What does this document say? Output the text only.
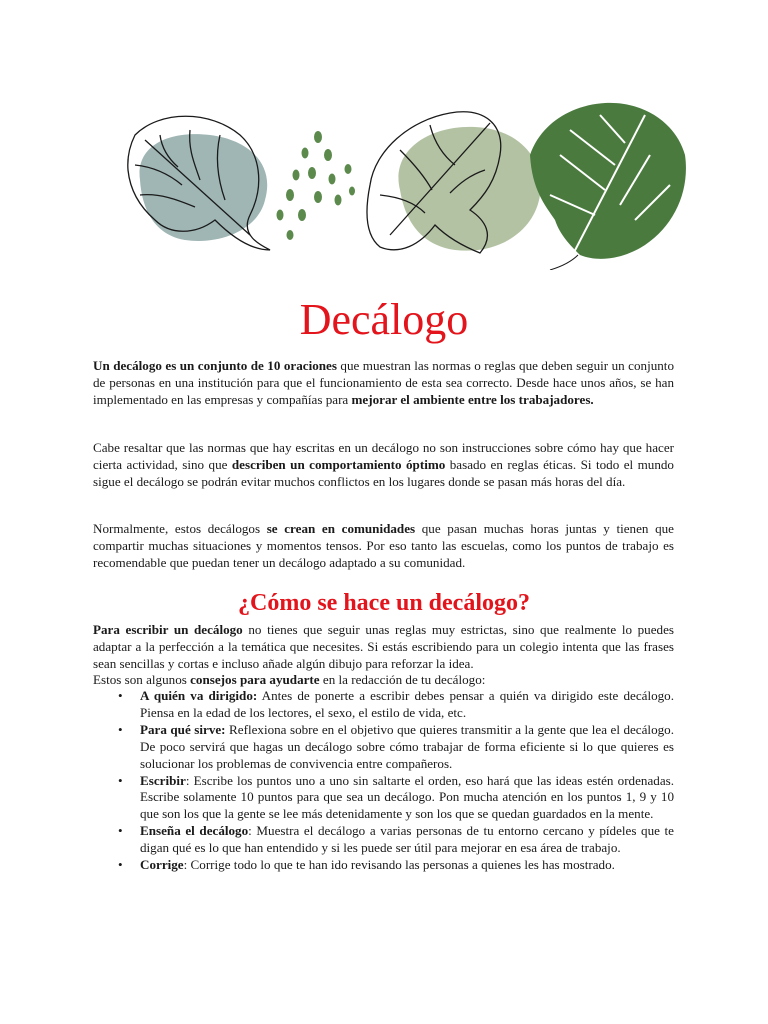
Decálogo
Un decálogo es un conjunto de 10 oraciones que muestran las normas o reglas que deben seguir un conjunto de personas en una institución para que el funcionamiento de esta sea correcto. Desde hace unos años, se han implementado en las empresas y compañías para mejorar el ambiente entre los trabajadores.
Cabe resaltar que las normas que hay escritas en un decálogo no son instrucciones sobre cómo hay que hacer cierta actividad, sino que describen un comportamiento óptimo basado en reglas éticas. Si todo el mundo sigue el decálogo se podrán evitar muchos conflictos en los lugares donde se pasan más horas del día.
Normalmente, estos decálogos se crean en comunidades que pasan muchas horas juntas y tienen que compartir muchas situaciones y momentos tensos. Por eso tanto las escuelas, como los puntos de trabajo es recomendable que puedan tener un decálogo adaptado a su comunidad.
¿Cómo se hace un decálogo?
Para escribir un decálogo no tienes que seguir unas reglas muy estrictas, sino que realmente lo puedes adaptar a la perfección a la temática que necesites. Si estás escribiendo para un colegio intenta que las frases sean sencillas y cortas e incluso añade algún dibujo para reforzar la idea.
Estos son algunos consejos para ayudarte en la redacción de tu decálogo:
• A quién va dirigido: Antes de ponerte a escribir debes pensar a quién va dirigido este decálogo. Piensa en la edad de los lectores, el sexo, el estilo de vida, etc.
• Para qué sirve: Reflexiona sobre en el objetivo que quieres transmitir a la gente que lea el decálogo. De poco servirá que hagas un decálogo sobre cómo trabajar de forma eficiente si lo que quieres es solucionar los problemas de convivencia entre compañeros.
• Escribir: Escribe los puntos uno a uno sin saltarte el orden, eso hará que las ideas estén ordenadas. Escribe solamente 10 puntos para que sea un decálogo. Pon mucha atención en los puntos 1, 9 y 10 que son los que la gente se lee más detenidamente y son los que se quedan guardados en la mente.
• Enseña el decálogo: Muestra el decálogo a varias personas de tu entorno cercano y pídeles que te digan qué es lo que han entendido y si les puede ser útil para mejorar en esa área de trabajo.
• Corrige: Corrige todo lo que te han ido revisando las personas a quienes les has mostrado.
